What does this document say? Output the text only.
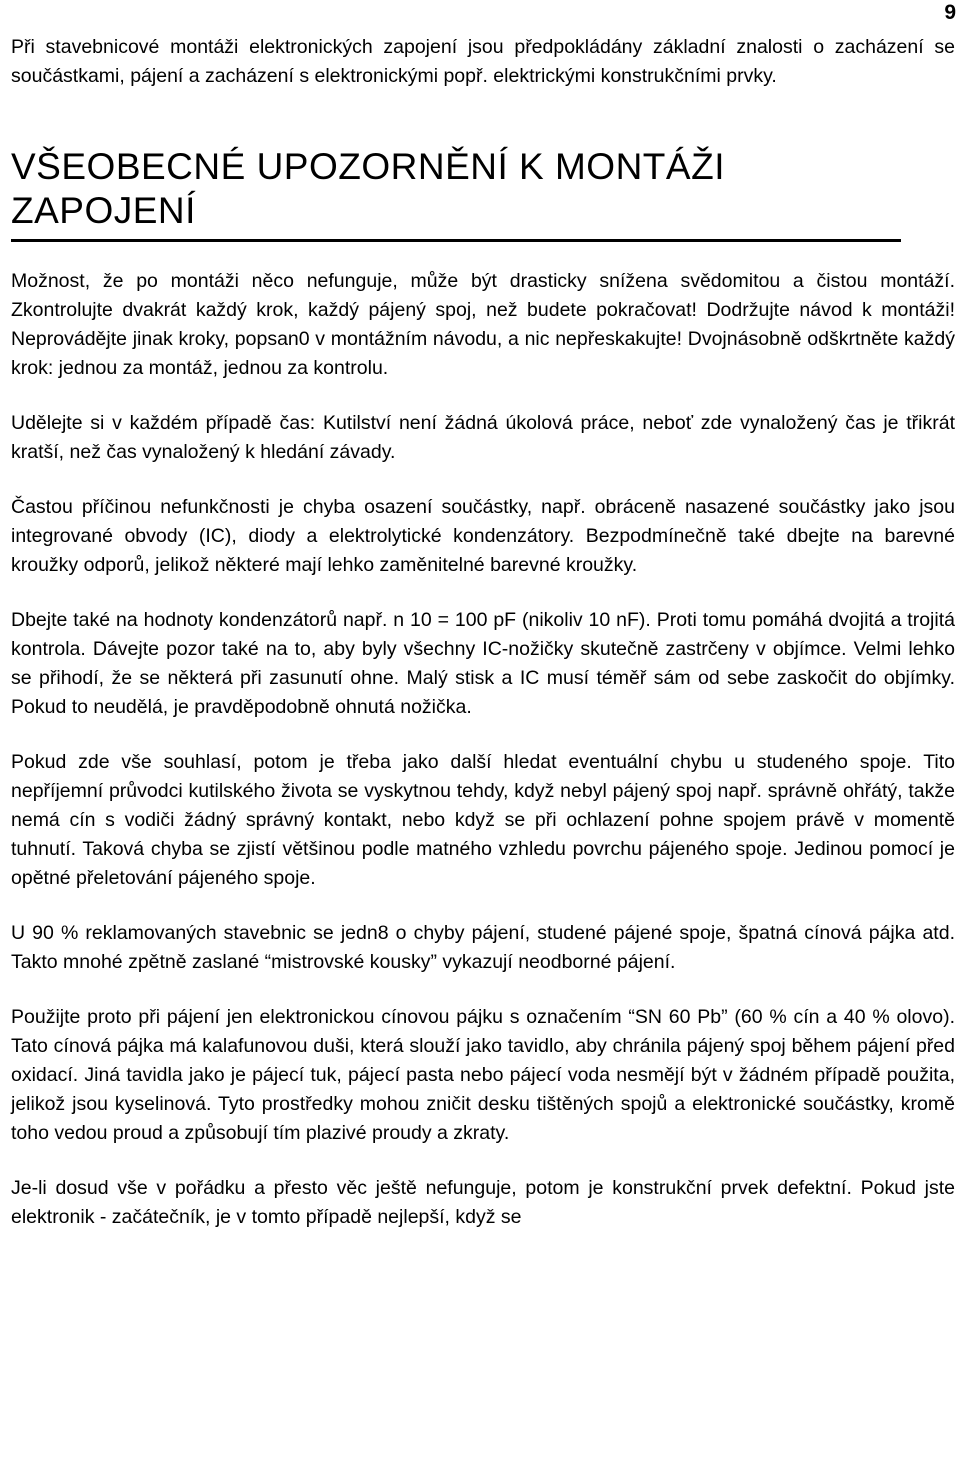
9

Při stavebnicové montáži elektronických zapojení jsou předpokládány základní znalosti o zacházení se součástkami, pájení a zacházení s elektronickými popř. elektrickými konstrukčními prvky.

VŠEOBECNÉ UPOZORNĚNÍ K MONTÁŽI ZAPOJENÍ

Možnost, že po montáži něco nefunguje, může být drasticky snížena svědomitou a čistou montáží. Zkontrolujte dvakrát každý krok, každý pájený spoj, než budete pokračovat! Dodržujte návod k montáži! Neprovádějte jinak kroky, popsan0 v montážním návodu, a nic nepřeskakujte! Dvojnásobně odškrtněte každý krok: jednou za montáž, jednou za kontrolu.

Udělejte si v každém případě čas: Kutilství není žádná úkolová práce, neboť zde vynaložený čas je třikrát kratší, než čas vynaložený k hledání závady.

Častou příčinou nefunkčnosti je chyba osazení součástky, např. obráceně nasazené součástky jako jsou integrované obvody (IC), diody a elektrolytické kondenzátory. Bezpodmínečně také dbejte na barevné kroužky odporů, jelikož některé mají lehko zaměnitelné barevné kroužky.

Dbejte také na hodnoty kondenzátorů např. n 10 = 100 pF (nikoliv 10 nF). Proti tomu pomáhá dvojitá a trojitá kontrola. Dávejte pozor také na to, aby byly všechny IC-nožičky skutečně zastrčeny v objímce. Velmi lehko se přihodí, že se některá při zasunutí ohne. Malý stisk a IC musí téměř sám od sebe zaskočit do objímky. Pokud to neudělá, je pravděpodobně ohnutá nožička.

Pokud zde vše souhlasí, potom je třeba jako další hledat eventuální chybu u studeného spoje. Tito nepříjemní průvodci kutilského života se vyskytnou tehdy, když nebyl pájený spoj např. správně ohřátý, takže nemá cín s vodiči žádný správný kontakt, nebo když se při ochlazení pohne spojem právě v momentě tuhnutí. Taková chyba se zjistí většinou podle matného vzhledu povrchu pájeného spoje. Jedinou pomocí je opětné přeletování pájeného spoje.

U 90 % reklamovaných stavebnic se jedn8 o chyby pájení, studené pájené spoje, špatná cínová pájka atd. Takto mnohé zpětně zaslané “mistrovské kousky” vykazují neodborné pájení.

Použijte proto při pájení jen elektronickou cínovou pájku s označením “SN 60 Pb” (60 % cín a 40 % olovo). Tato cínová pájka má kalafunovou duši, která slouží jako tavidlo, aby chránila pájený spoj během pájení před oxidací. Jiná tavidla jako je pájecí tuk, pájecí pasta nebo pájecí voda nesmějí být v žádném případě použita, jelikož jsou kyselinová. Tyto prostředky mohou zničit desku tištěných spojů a elektronické součástky, kromě toho vedou proud a způsobují tím plazivé proudy a zkraty.

Je-li dosud vše v pořádku a přesto věc ještě nefunguje, potom je konstrukční prvek defektní. Pokud jste elektronik - začátečník, je v tomto případě nejlepší, když se
